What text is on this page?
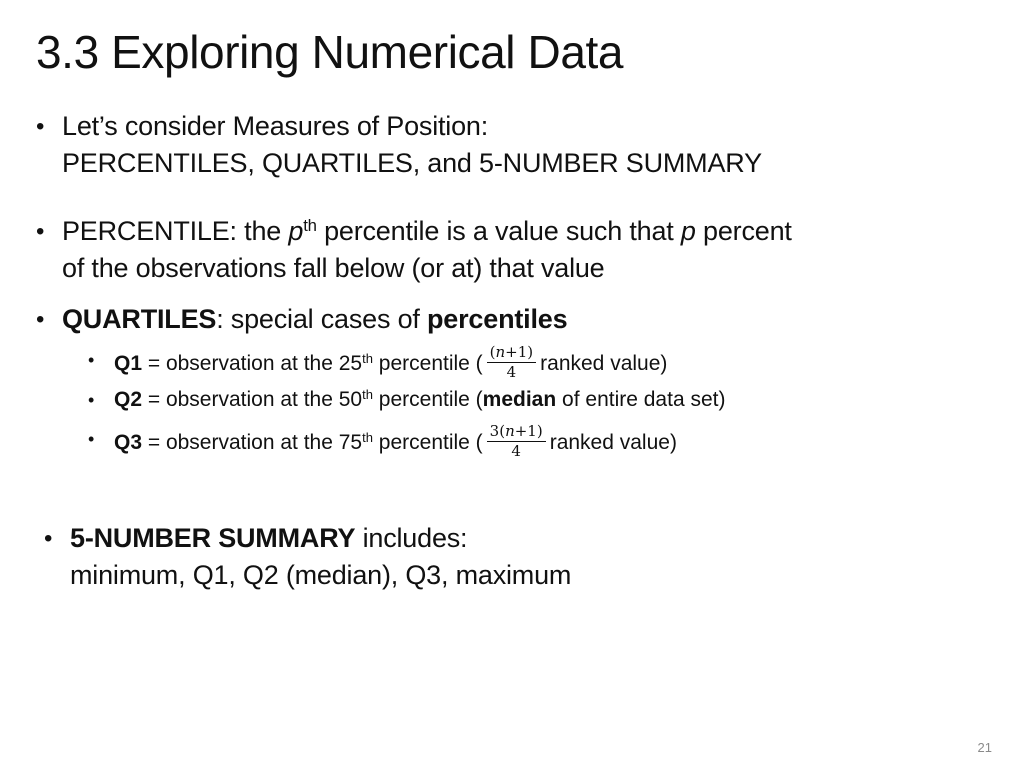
3.3 Exploring Numerical Data
• Let’s consider Measures of Position:
PERCENTILES, QUARTILES, and 5-NUMBER SUMMARY
• PERCENTILE: the $p^{th}$ percentile is a value such that p percent
of the observations fall below (or at) that value
• QUARTILES: special cases of percentiles
• Q1 = observation at the 25th percentile ( $\frac{\text{(𝑛+1)}}{4}$ ranked value)
• Q2 = observation at the 50th percentile (median of entire data set)
• Q3 = observation at the 75th percentile ( $\frac{\text{3(𝑛+1)}}{4}$ ranked value)
• 5-NUMBER SUMMARY includes:
minimum, Q1, Q2 (median), Q3, maximum
21
